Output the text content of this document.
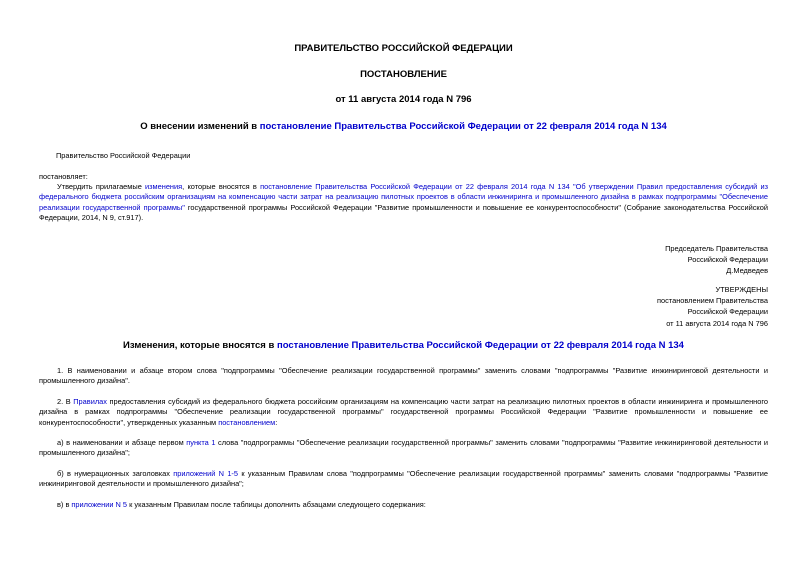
ПРАВИТЕЛЬСТВО РОССИЙСКОЙ ФЕДЕРАЦИИ
ПОСТАНОВЛЕНИЕ
от 11 августа 2014 года N 796
О внесении изменений в постановление Правительства Российской Федерации от 22 февраля 2014 года N 134
Правительство Российской Федерации
постановляет:
Утвердить прилагаемые изменения, которые вносятся в постановление Правительства Российской Федерации от 22 февраля 2014 года N 134 "Об утверждении Правил предоставления субсидий из федерального бюджета российским организациям на компенсацию части затрат на реализацию пилотных проектов в области инжиниринга и промышленного дизайна в рамках подпрограммы "Обеспечение реализации государственной программы" государственной программы Российской Федерации "Развитие промышленности и повышение ее конкурентоспособности" (Собрание законодательства Российской Федерации, 2014, N 9, ст.917).
Председатель Правительства
Российской Федерации
Д.Медведев
УТВЕРЖДЕНЫ
постановлением Правительства
Российской Федерации
от 11 августа 2014 года N 796
Изменения, которые вносятся в постановление Правительства Российской Федерации от 22 февраля 2014 года N 134
1. В наименовании и абзаце втором слова "подпрограммы "Обеспечение реализации государственной программы" заменить словами "подпрограммы "Развитие инжиниринговой деятельности и промышленного дизайна".
2. В Правилах предоставления субсидий из федерального бюджета российским организациям на компенсацию части затрат на реализацию пилотных проектов в области инжиниринга и промышленного дизайна в рамках подпрограммы "Обеспечение реализации государственной программы" государственной программы Российской Федерации "Развитие промышленности и повышение ее конкурентоспособности", утвержденных указанным постановлением:
а) в наименовании и абзаце первом пункта 1 слова "подпрограммы "Обеспечение реализации государственной программы" заменить словами "подпрограммы "Развитие инжиниринговой деятельности и промышленного дизайна";
б) в нумерационных заголовках приложений N 1-5 к указанным Правилам слова "подпрограммы "Обеспечение реализации государственной программы" заменить словами "подпрограммы "Развитие инжиниринговой деятельности и промышленного дизайна";
в) в приложении N 5 к указанным Правилам после таблицы дополнить абзацами следующего содержания:
